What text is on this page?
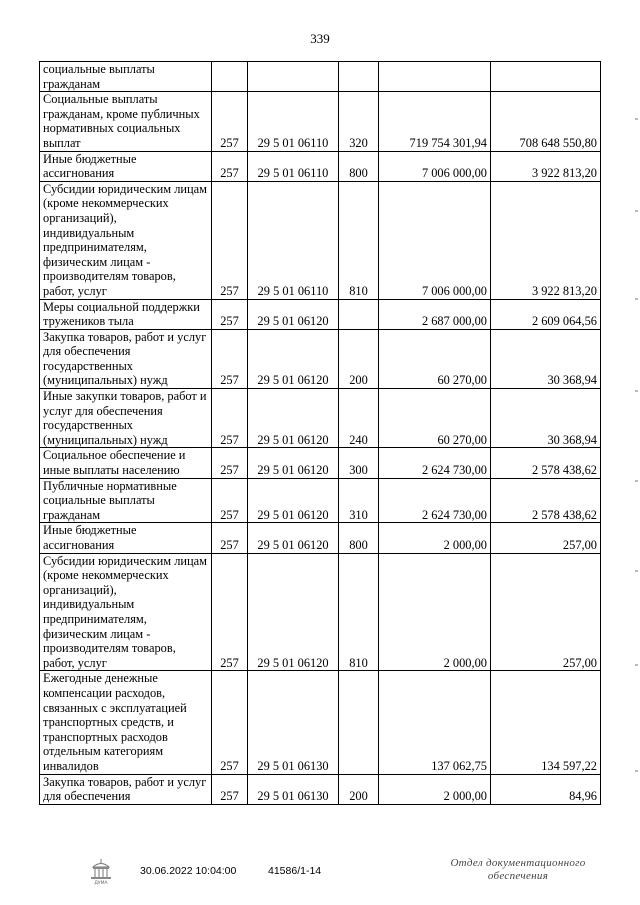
339
социальные выплаты гражданам					
Социальные выплаты гражданам, кроме публичных нормативных социальных выплат	257	29 5 01 06110	320	719 754 301,94	708 648 550,80
Иные бюджетные ассигнования	257	29 5 01 06110	800	7 006 000,00	3 922 813,20
Субсидии юридическим лицам (кроме некоммерческих организаций), индивидуальным предпринимателям, физическим лицам - производителям товаров, работ, услуг	257	29 5 01 06110	810	7 006 000,00	3 922 813,20
Меры социальной поддержки тружеников тыла	257	29 5 01 06120		2 687 000,00	2 609 064,56
Закупка товаров, работ и услуг для обеспечения государственных (муниципальных) нужд	257	29 5 01 06120	200	60 270,00	30 368,94
Иные закупки товаров, работ и услуг для обеспечения государственных (муниципальных) нужд	257	29 5 01 06120	240	60 270,00	30 368,94
Социальное обеспечение и иные выплаты населению	257	29 5 01 06120	300	2 624 730,00	2 578 438,62
Публичные нормативные социальные выплаты гражданам	257	29 5 01 06120	310	2 624 730,00	2 578 438,62
Иные бюджетные ассигнования	257	29 5 01 06120	800	2 000,00	257,00
Субсидии юридическим лицам (кроме некоммерческих организаций), индивидуальным предпринимателям, физическим лицам - производителям товаров, работ, услуг	257	29 5 01 06120	810	2 000,00	257,00
Ежегодные денежные компенсации расходов, связанных с эксплуатацией транспортных средств, и транспортных расходов отдельным категориям инвалидов	257	29 5 01 06130		137 062,75	134 597,22
Закупка товаров, работ и услуг для обеспечения	257	29 5 01 06130	200	2 000,00	84,96
ДУМА
30.06.2022 10:04:00	41586/1-14
Отдел документационного
обеспечения
